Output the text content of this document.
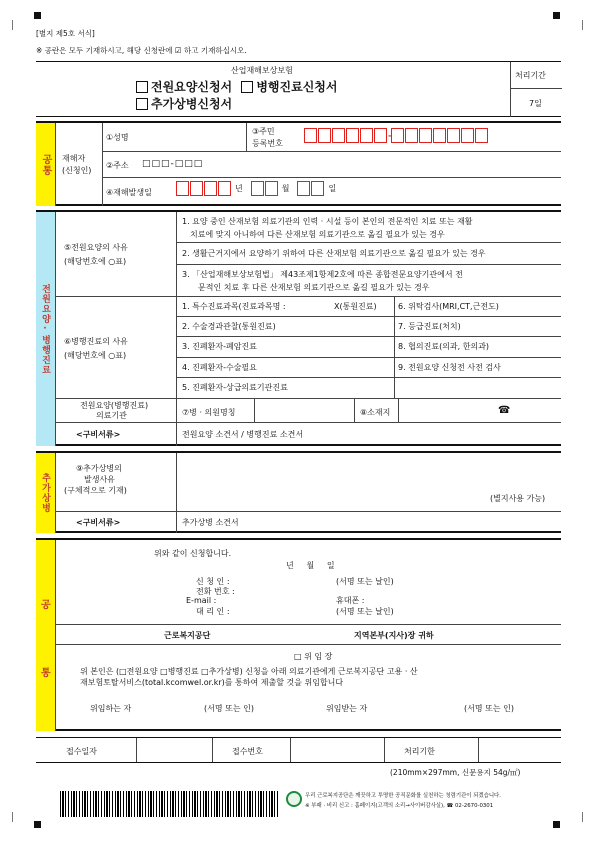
[별지 제5호 서식]
※ 공란은 모두 기재하시고, 해당 신청란에 ☑ 하고 기재하십시오.
산업재해보상보험
전원요양신청서 병행진료신청서
추가상병신청서
처리기간
7일
공통 재해자
(신청인)
①성명
③주민
등록번호
-
②주소 □□□-□□□
④재해발생일	년	월	일
전원요양·병행진료
⑤전원요양의 사유
(해당번호에 ○표)
1. 요양 중인 산재보험 의료기관의 인력 · 시설 등이 본인의 전문적인 치료 또는 재활
치료에 맞지 아니하여 다른 산재보험 의료기관으로 옮길 필요가 있는 경우
2. 생활근거지에서 요양하기 위하여 다른 산재보험 의료기관으로 옮길 필요가 있는 경우
3. 「산업재해보상보험법」 제43조제1항제2호에 따른 종합전문요양기관에서 전
문적인 치료 후 다른 산재보험 의료기관으로 옮길 필요가 있는 경우
⑥병행진료의 사유
(해당번호에 ○표)
1. 특수진료과목(진료과목명 :	X(통원진료)	6. 위탁검사(MRI,CT,근전도)
2. 수술경과관찰(통원진료)	7. 등급진료(처치)
3. 진폐환자-폐암진료	8. 협의진료(의과, 한의과)
4. 진폐환자-수술필요	9. 전원요양 신청전 사전 검사
5. 진폐환자-상급의료기관진료
전원요양(병행진료)
의료기관	⑦병 · 의원명칭	⑧소재지	☎
<구비서류>	전원요양 소견서 / 병행진료 소견서
추가상병
⑨추가상병의
발생사유
(구체적으로 기재)
(별지사용 가능)
<구비서류>	추가상병 소견서
공
통
위와 같이 신청합니다.
년     월     일
신 청 인 :	(서명 또는 날인)
전화 번호 :
휴대폰 :
E-mail :
대 리 인 :	(서명 또는 날인)
근로복지공단	지역본부(지사)장 귀하
□ 위 임 장
위 본인은 (□전원요양 □병행진료 □추가상병) 신청을 아래 의료기관에게 근로복지공단 고용 · 산
재보험토탈서비스(total.kcomwel.or.kr)를 통하여 제출할 것을 위임합니다
위임하는 자	(서명 또는 인)	위임받는 자	(서명 또는 인)
접수일자	접수번호	처리기한
(210mm×297mm, 신문용지 54g/㎡)
우리 근로복지공단은 깨끗하고 투명한 공직문화를 실천하는 청렴기관이 되겠습니다.
※ 부패 · 비리 신고 : 홈페이지(고객의 소리→사이버감사실), ☎ 02-2670-0301
